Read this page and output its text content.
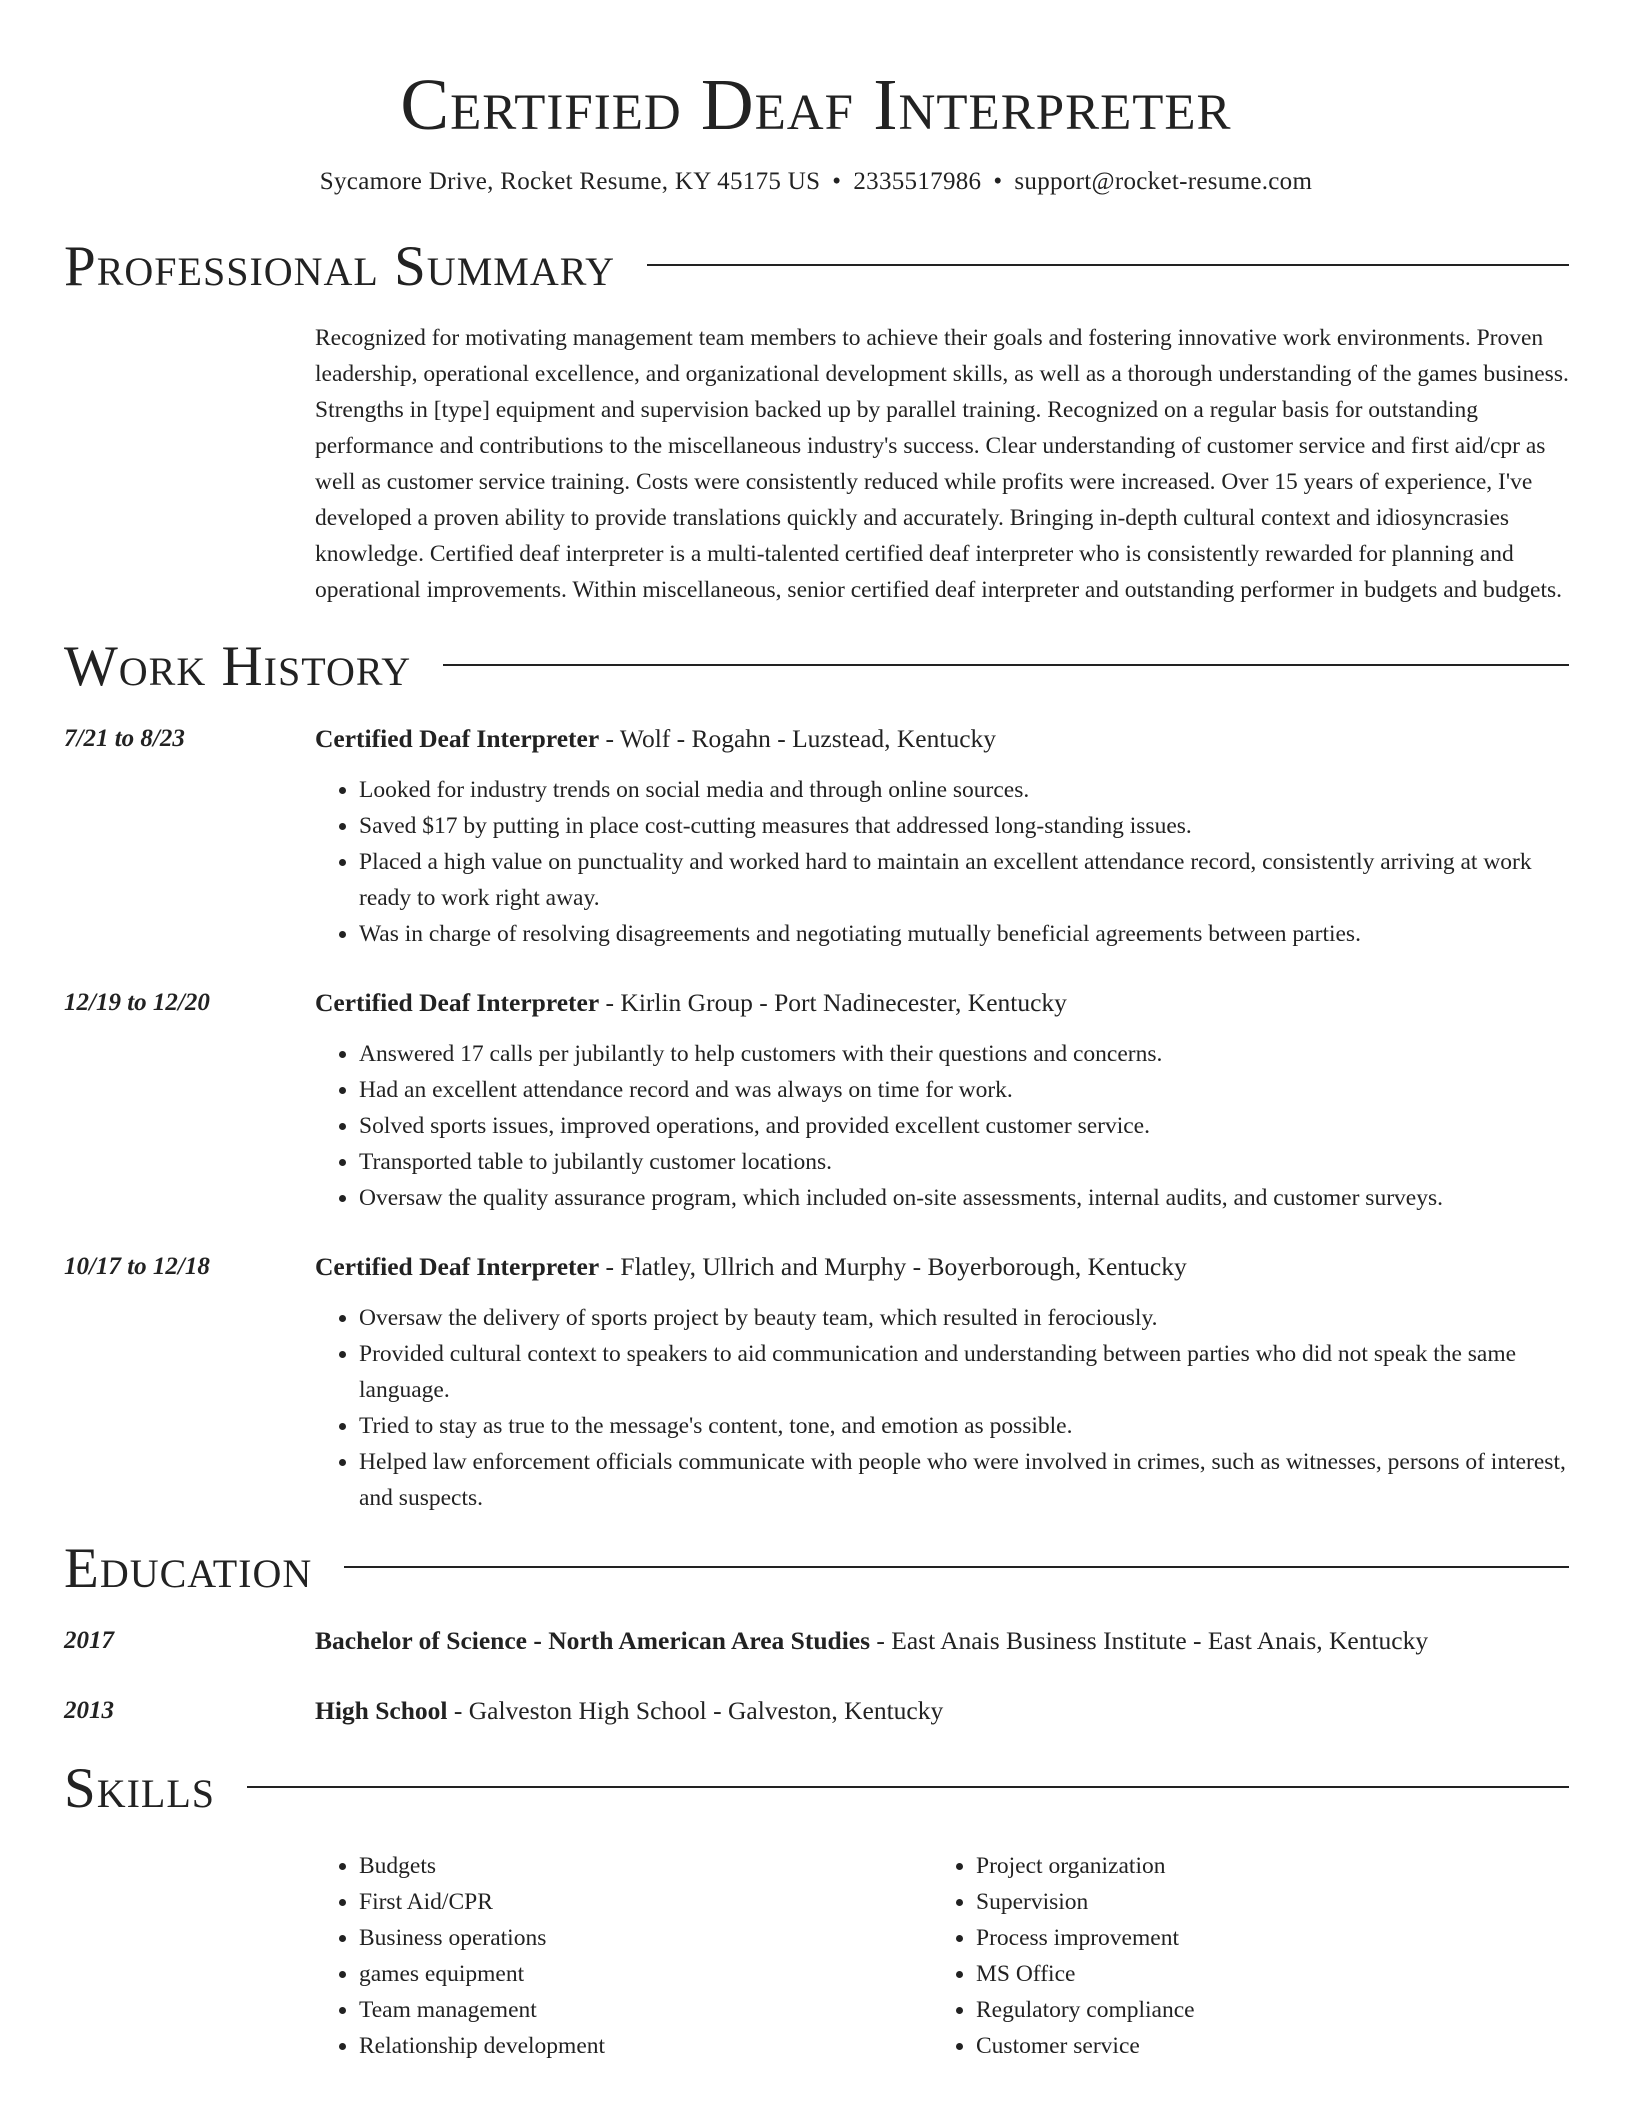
Certified Deaf Interpreter
Sycamore Drive, Rocket Resume, KY 45175 US • 2335517986 • support@rocket-resume.com
Professional Summary
Recognized for motivating management team members to achieve their goals and fostering innovative work environments. Proven leadership, operational excellence, and organizational development skills, as well as a thorough understanding of the games business. Strengths in [type] equipment and supervision backed up by parallel training. Recognized on a regular basis for outstanding performance and contributions to the miscellaneous industry's success. Clear understanding of customer service and first aid/cpr as well as customer service training. Costs were consistently reduced while profits were increased. Over 15 years of experience, I've developed a proven ability to provide translations quickly and accurately. Bringing in-depth cultural context and idiosyncrasies knowledge. Certified deaf interpreter is a multi-talented certified deaf interpreter who is consistently rewarded for planning and operational improvements. Within miscellaneous, senior certified deaf interpreter and outstanding performer in budgets and budgets.
Work History
7/21 to 8/23	Certified Deaf Interpreter - Wolf - Rogahn - Luzstead, Kentucky
• Looked for industry trends on social media and through online sources.
• Saved $17 by putting in place cost-cutting measures that addressed long-standing issues.
• Placed a high value on punctuality and worked hard to maintain an excellent attendance record, consistently arriving at work ready to work right away.
• Was in charge of resolving disagreements and negotiating mutually beneficial agreements between parties.
12/19 to 12/20	Certified Deaf Interpreter - Kirlin Group - Port Nadinecester, Kentucky
• Answered 17 calls per jubilantly to help customers with their questions and concerns.
• Had an excellent attendance record and was always on time for work.
• Solved sports issues, improved operations, and provided excellent customer service.
• Transported table to jubilantly customer locations.
• Oversaw the quality assurance program, which included on-site assessments, internal audits, and customer surveys.
10/17 to 12/18	Certified Deaf Interpreter - Flatley, Ullrich and Murphy - Boyerborough, Kentucky
• Oversaw the delivery of sports project by beauty team, which resulted in ferociously.
• Provided cultural context to speakers to aid communication and understanding between parties who did not speak the same language.
• Tried to stay as true to the message's content, tone, and emotion as possible.
• Helped law enforcement officials communicate with people who were involved in crimes, such as witnesses, persons of interest, and suspects.
Education
2017	Bachelor of Science - North American Area Studies - East Anais Business Institute - East Anais, Kentucky
2013	High School - Galveston High School - Galveston, Kentucky
Skills
• Budgets
• First Aid/CPR
• Business operations
• games equipment
• Team management
• Relationship development
• Project organization
• Supervision
• Process improvement
• MS Office
• Regulatory compliance
• Customer service
